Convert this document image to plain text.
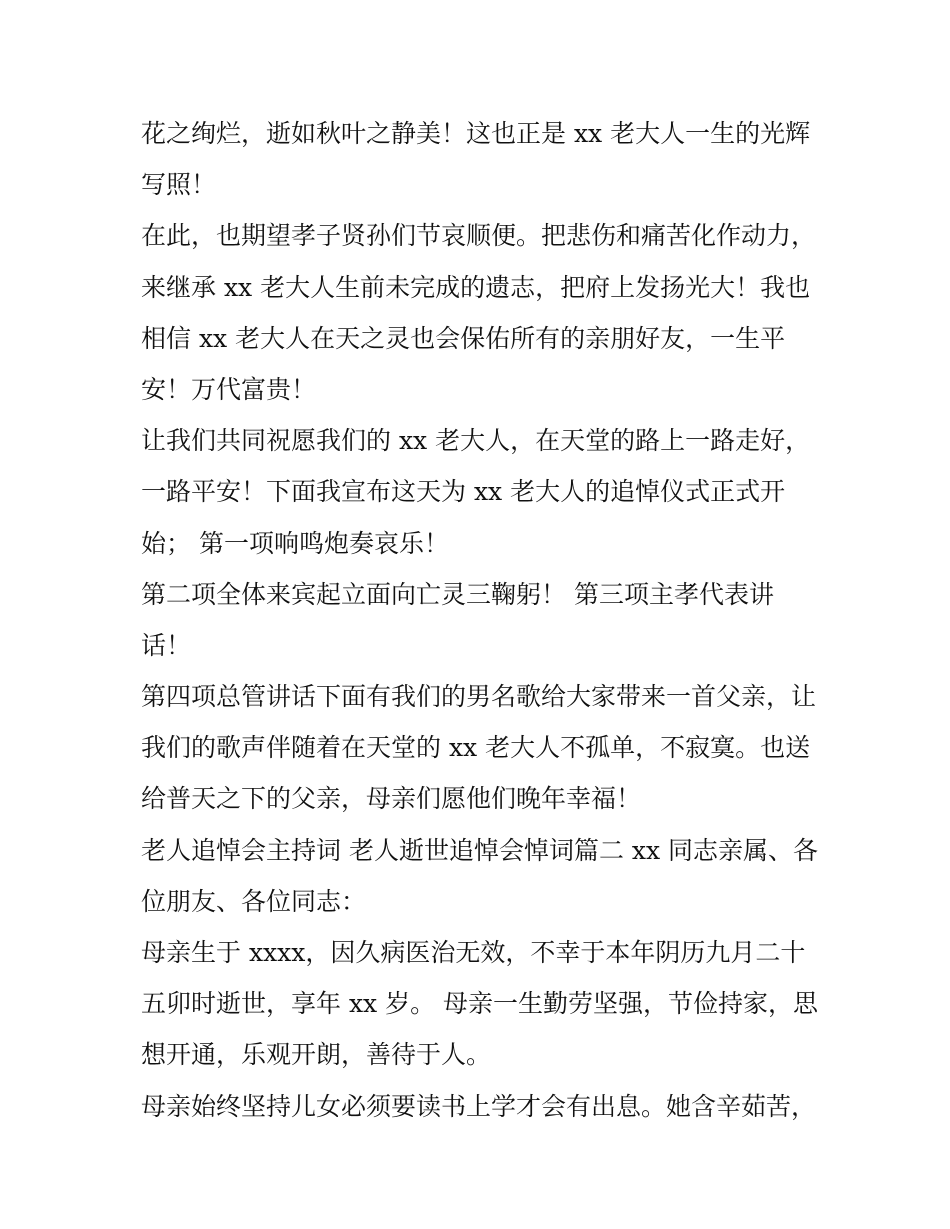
花之绚烂，逝如秋叶之静美！这也正是 xx 老大人一生的光辉
写照！
在此，也期望孝子贤孙们节哀顺便。把悲伤和痛苦化作动力，
来继承 xx 老大人生前未完成的遗志，把府上发扬光大！我也
相信 xx 老大人在天之灵也会保佑所有的亲朋好友，一生平
安！万代富贵！
让我们共同祝愿我们的 xx 老大人，在天堂的路上一路走好，
一路平安！下面我宣布这天为 xx 老大人的追悼仪式正式开
始； 第一项响鸣炮奏哀乐！
第二项全体来宾起立面向亡灵三鞠躬！ 第三项主孝代表讲
话！
第四项总管讲话下面有我们的男名歌给大家带来一首父亲，让
我们的歌声伴随着在天堂的 xx 老大人不孤单，不寂寞。也送
给普天之下的父亲，母亲们愿他们晚年幸福！
老人追悼会主持词 老人逝世追悼会悼词篇二 xx 同志亲属、各
位朋友、各位同志：
母亲生于 xxxx，因久病医治无效，不幸于本年阴历九月二十
五卯时逝世，享年 xx 岁。 母亲一生勤劳坚强，节俭持家，思
想开通，乐观开朗，善待于人。
母亲始终坚持儿女必须要读书上学才会有出息。她含辛茹苦，
